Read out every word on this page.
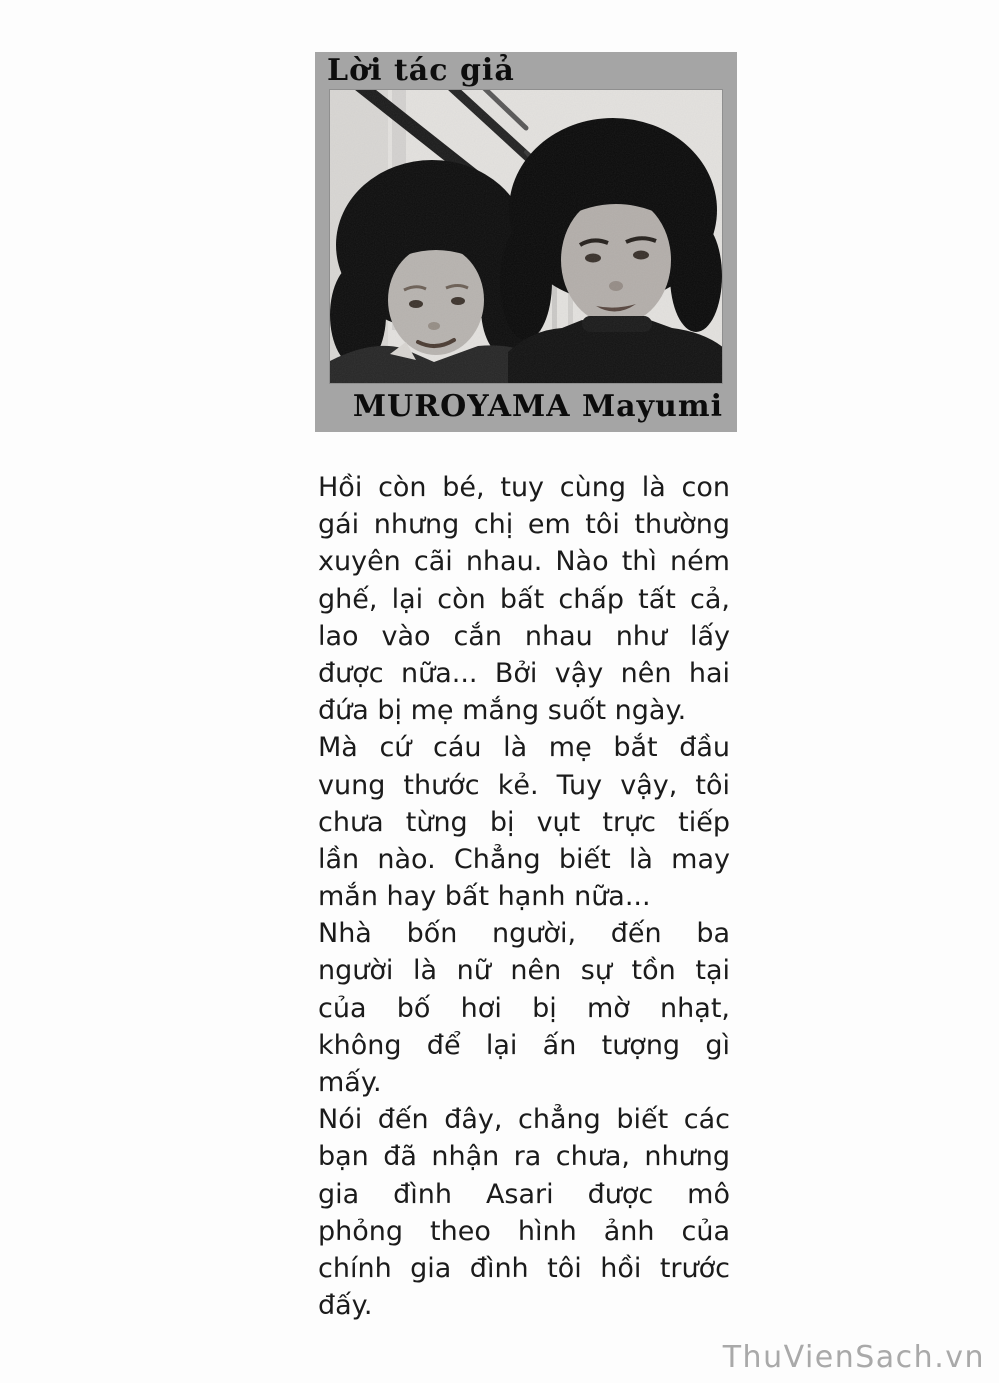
Lời tác giả
MUROYAMA Mayumi
Hồi còn bé, tuy cùng là con
gái nhưng chị em tôi thường
xuyên cãi nhau. Nào thì ném
ghế, lại còn bất chấp tất cả,
lao vào cắn nhau như lấy
được nữa... Bởi vậy nên hai
đứa bị mẹ mắng suốt ngày.
Mà cứ cáu là mẹ bắt đầu
vung thước kẻ. Tuy vậy, tôi
chưa từng bị vụt trực tiếp
lần nào. Chẳng biết là may
mắn hay bất hạnh nữa...
Nhà bốn người, đến ba
người là nữ nên sự tồn tại
của bố hơi bị mờ nhạt,
không để lại ấn tượng gì
mấy.
Nói đến đây, chẳng biết các
bạn đã nhận ra chưa, nhưng
gia đình Asari được mô
phỏng theo hình ảnh của
chính gia đình tôi hồi trước
đấy.
ThuVienSach.vn
